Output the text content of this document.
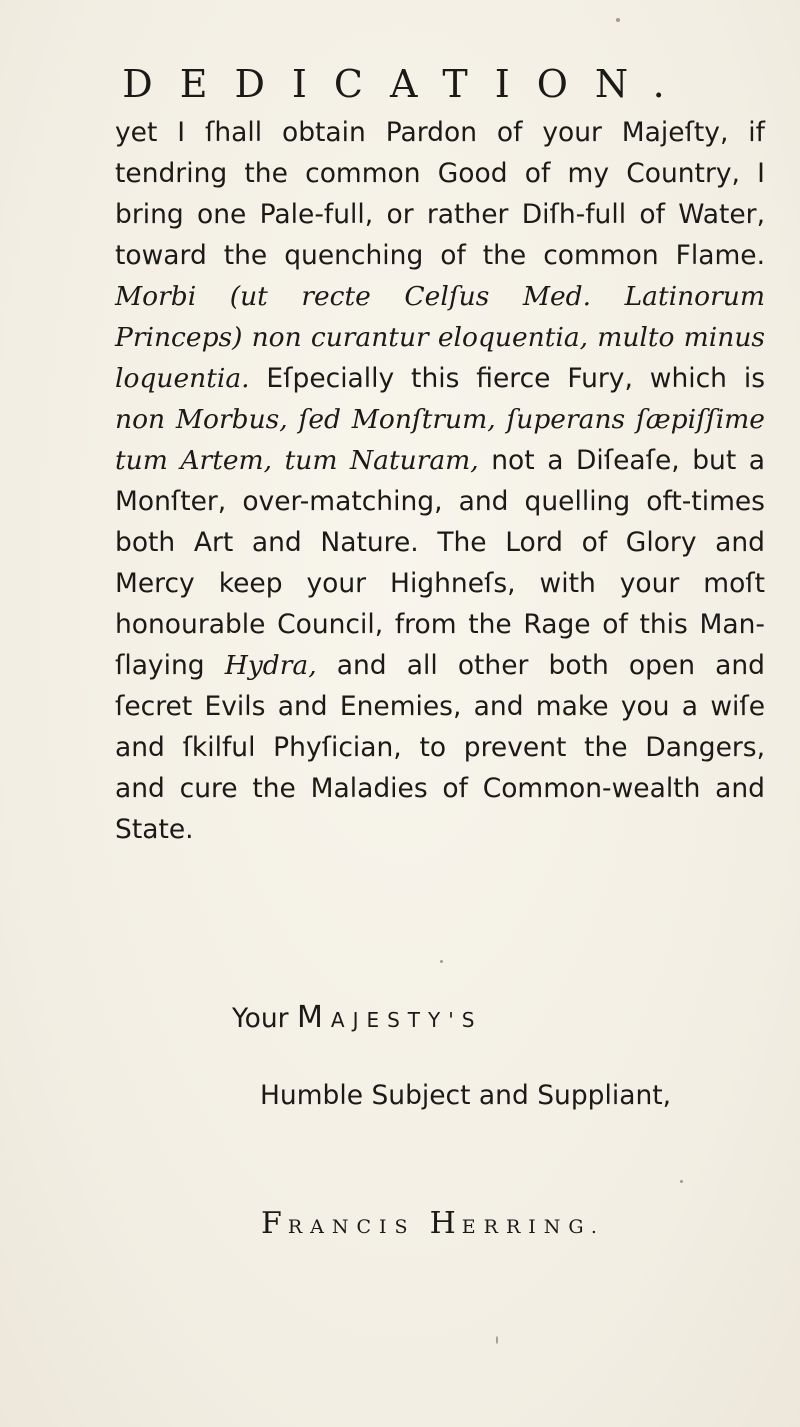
DEDICATION.
yet I ſhall obtain Pardon of your Majeſty, if tendring the common Good of my Country, I bring one Pale-full, or rather Diſh-full of Water, toward the quenching of the common Flame. Morbi (ut recte Celſus Med. Latinorum Princeps) non curantur eloquentia, multo minus loquentia. Eſpecially this fierce Fury, which is non Morbus, ſed Monſtrum, ſuperans ſæpiſſime tum Artem, tum Naturam, not a Diſeaſe, but a Monſter, over-matching, and quelling oft-times both Art and Nature. The Lord of Glory and Mercy keep your Highneſs, with your moſt honourable Council, from the Rage of this Man-ſlaying Hydra, and all other both open and ſecret Evils and Enemies, and make you a wiſe and ſkilful Phyſician, to prevent the Dangers, and cure the Maladies of Common-wealth and State.
Your MAJESTY'S
Humble Subject and Suppliant,
FRANCIS HERRING.
